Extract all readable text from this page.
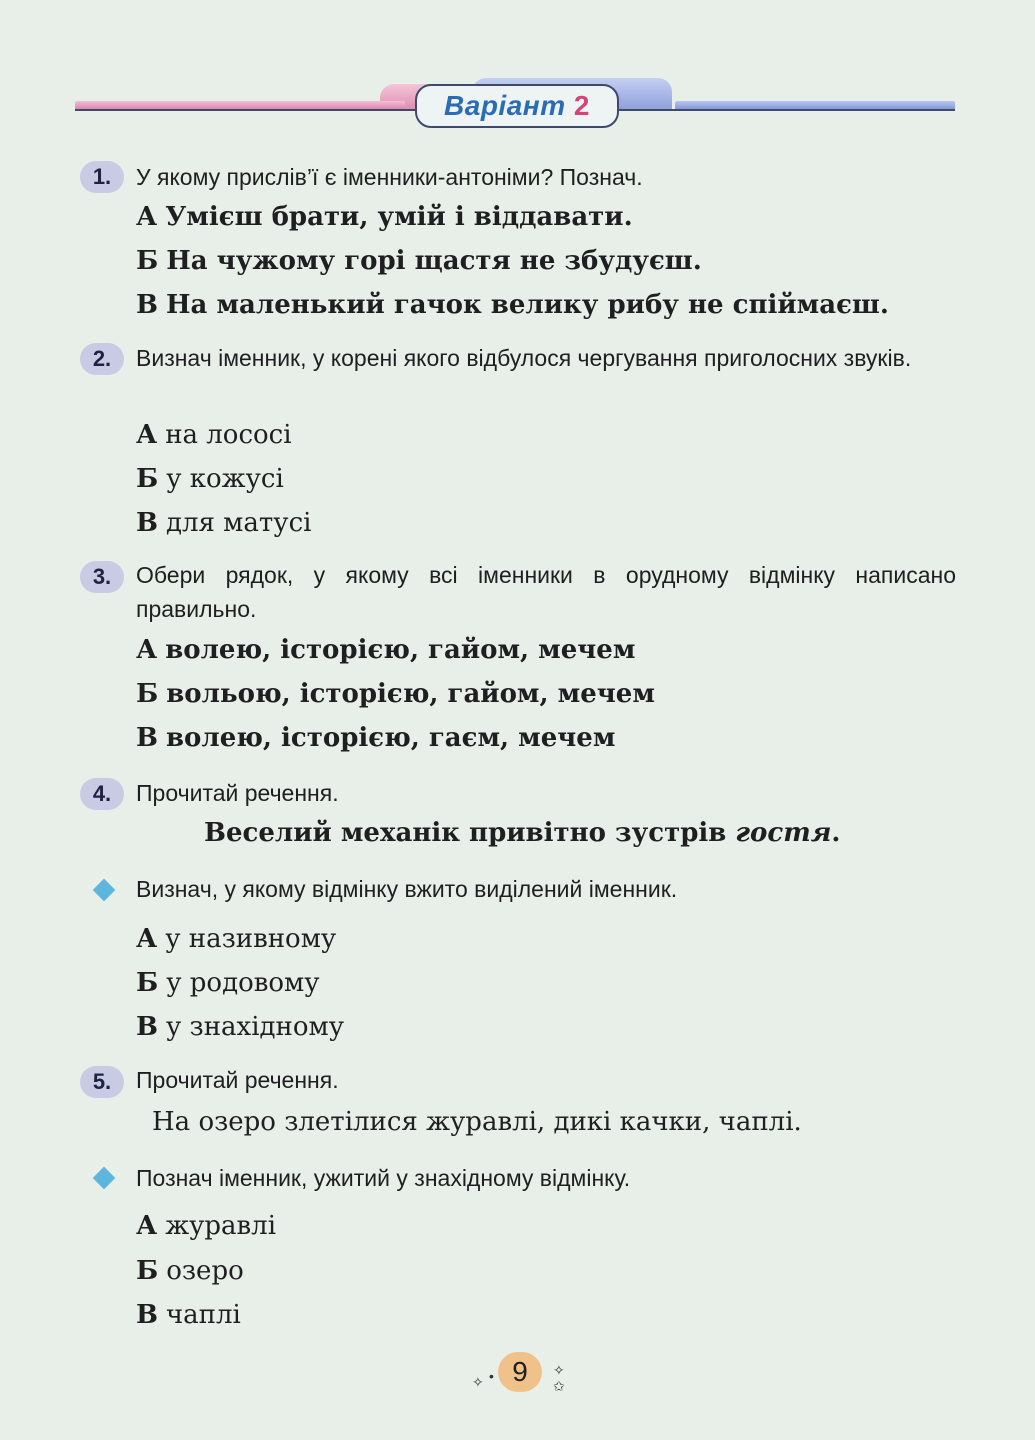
Варіант 2
1.	У якому прислів’ї є іменники-антоніми? Познач.
А Умієш брати, умій і віддавати.
Б На чужому горі щастя не збудуєш.
В На маленький гачок велику рибу не спіймаєш.
2.	Визнач іменник, у корені якого відбулося чергування приголосних звуків.
А на лососі
Б у кожусі
В для матусі
3.	Обери рядок, у якому всі іменники в орудному відмінку написано правильно.
А волею, історією, гайом, мечем
Б вольою, історією, гайом, мечем
В волею, історією, гаєм, мечем
4.	Прочитай речення.
Веселий механік привітно зустрів гостя.
Визнач, у якому відмінку вжито виділений іменник.
А у називному
Б у родовому
В у знахідному
5.	Прочитай речення.
На озеро злетілися журавлі, дикі качки, чаплі.
Познач іменник, ужитий у знахідному відмінку.
А журавлі
Б озеро
В чаплі
✧ • 9	✧
✩
